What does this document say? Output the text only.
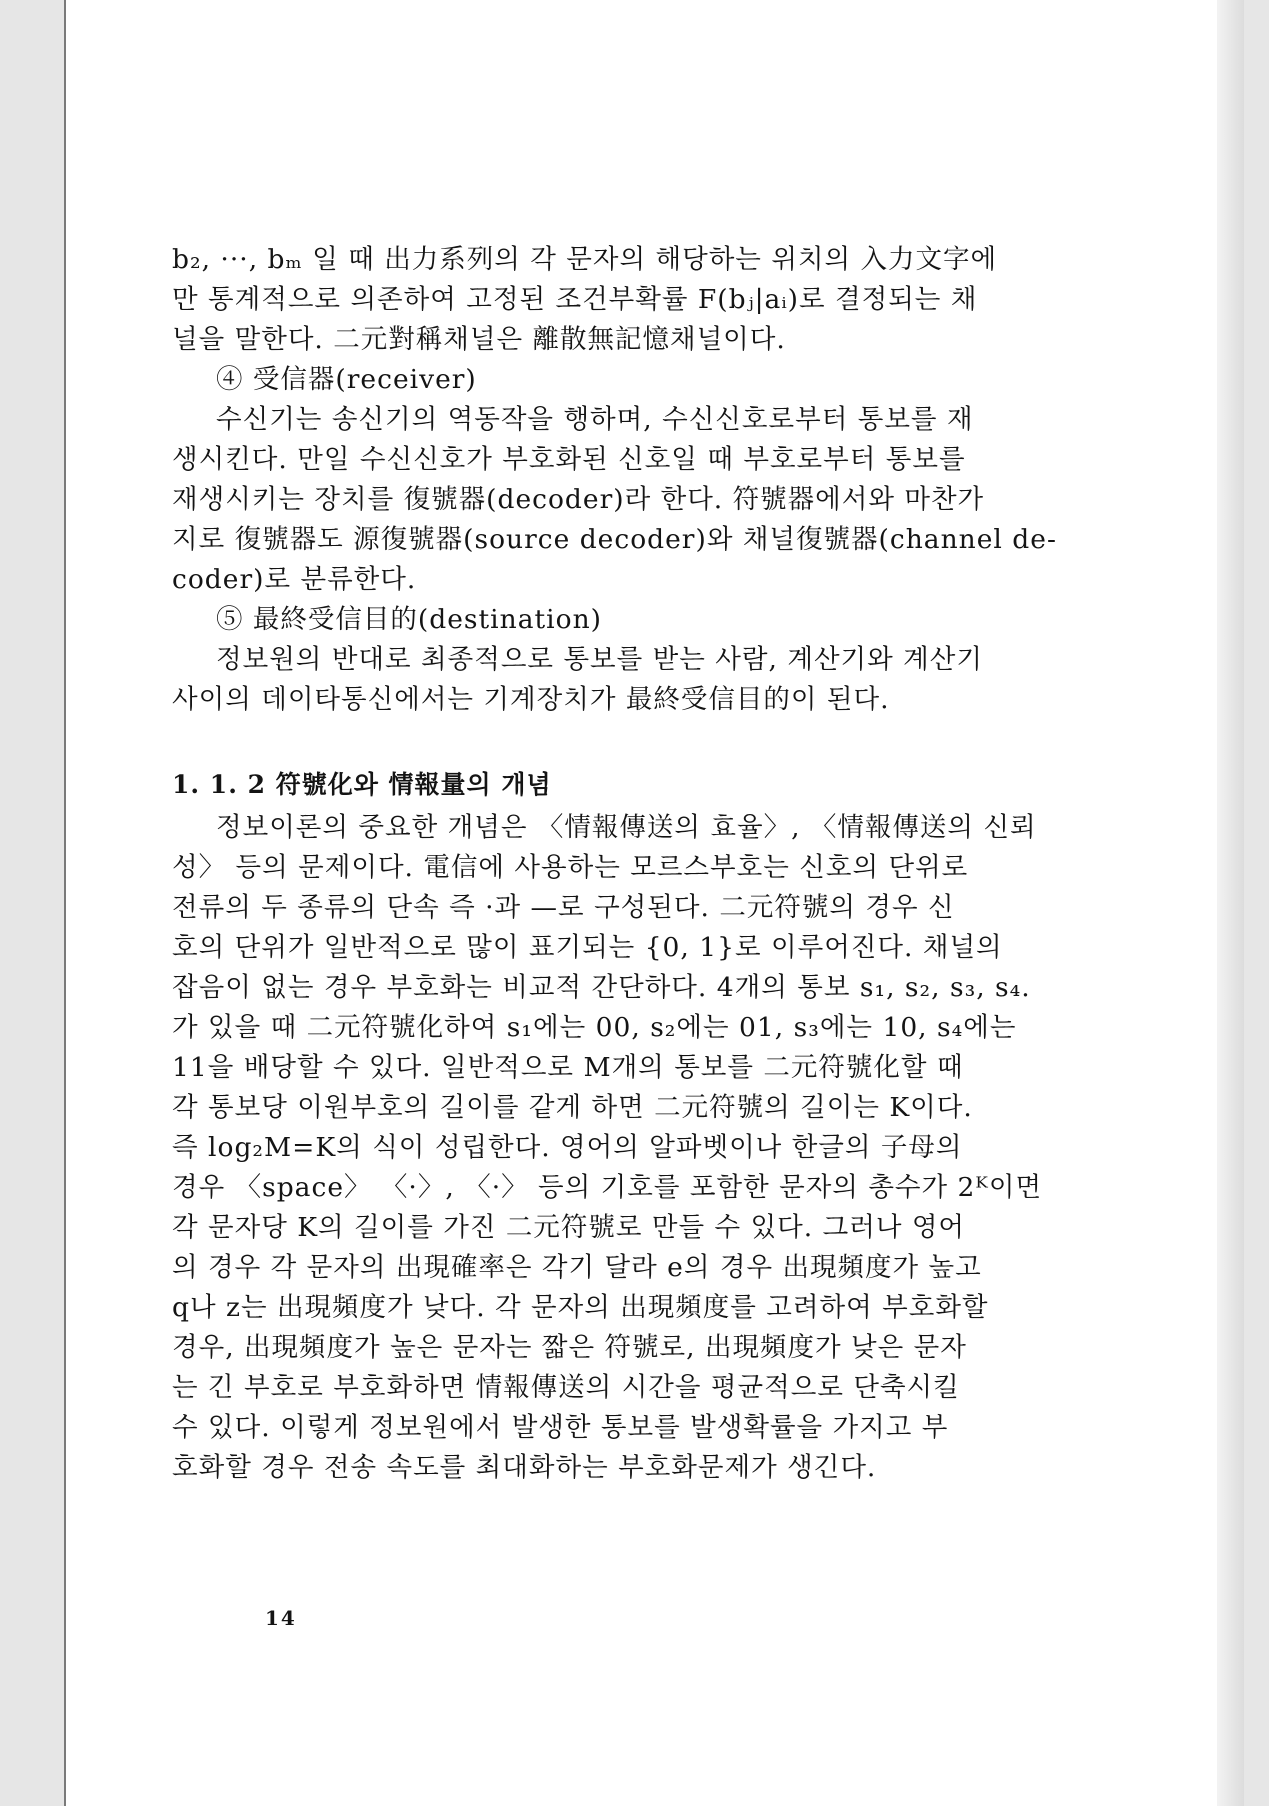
b₂, ···, bₘ 일 때 出力系列의 각 문자의 해당하는 위치의 入力文字에
만 통계적으로 의존하여 고정된 조건부확률 F(bⱼ|aᵢ)로 결정되는 채
널을 말한다. 二元對稱채널은 離散無記憶채널이다.
④ 受信器(receiver)
수신기는 송신기의 역동작을 행하며, 수신신호로부터 통보를 재
생시킨다. 만일 수신신호가 부호화된 신호일 때 부호로부터 통보를
재생시키는 장치를 復號器(decoder)라 한다. 符號器에서와 마찬가
지로 復號器도 源復號器(source decoder)와 채널復號器(channel de-
coder)로 분류한다.
⑤ 最終受信目的(destination)
정보원의 반대로 최종적으로 통보를 받는 사람, 계산기와 계산기
사이의 데이타통신에서는 기계장치가 最終受信目的이 된다.
1. 1. 2 符號化와 情報量의 개념
정보이론의 중요한 개념은 〈情報傳送의 효율〉, 〈情報傳送의 신뢰
성〉 등의 문제이다. 電信에 사용하는 모르스부호는 신호의 단위로
전류의 두 종류의 단속 즉 ·과 —로 구성된다. 二元符號의 경우 신
호의 단위가 일반적으로 많이 표기되는 {0, 1}로 이루어진다. 채널의
잡음이 없는 경우 부호화는 비교적 간단하다. 4개의 통보 s₁, s₂, s₃, s₄.
가 있을 때 二元符號化하여 s₁에는 00, s₂에는 01, s₃에는 10, s₄에는
11을 배당할 수 있다. 일반적으로 M개의 통보를 二元符號化할 때
각 통보당 이원부호의 길이를 같게 하면 二元符號의 길이는 K이다.
즉 log₂M=K의 식이 성립한다. 영어의 알파벳이나 한글의 子母의
경우 〈space〉 〈·〉, 〈·〉 등의 기호를 포함한 문자의 총수가 2ᴷ이면
각 문자당 K의 길이를 가진 二元符號로 만들 수 있다. 그러나 영어
의 경우 각 문자의 出現確率은 각기 달라 e의 경우 出現頻度가 높고
q나 z는 出現頻度가 낮다. 각 문자의 出現頻度를 고려하여 부호화할
경우, 出現頻度가 높은 문자는 짧은 符號로, 出現頻度가 낮은 문자
는 긴 부호로 부호화하면 情報傳送의 시간을 평균적으로 단축시킬
수 있다. 이렇게 정보원에서 발생한 통보를 발생확률을 가지고 부
호화할 경우 전송 속도를 최대화하는 부호화문제가 생긴다.
14
